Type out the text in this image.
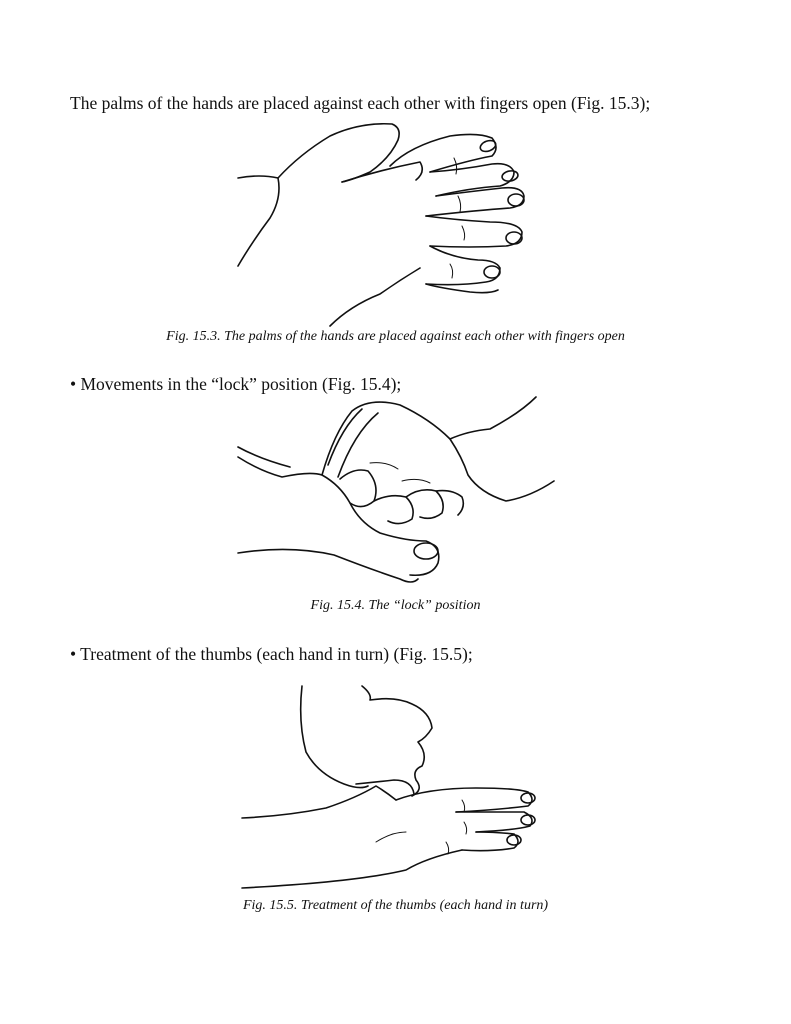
The palms of the hands are placed against each other with fingers open (Fig. 15.3);
Fig. 15.3. The palms of the hands are placed against each other with fingers open
• Movements in the “lock” position (Fig. 15.4);
Fig. 15.4. The “lock” position
• Treatment of the thumbs (each hand in turn) (Fig. 15.5);
Fig. 15.5. Treatment of the thumbs (each hand in turn)
